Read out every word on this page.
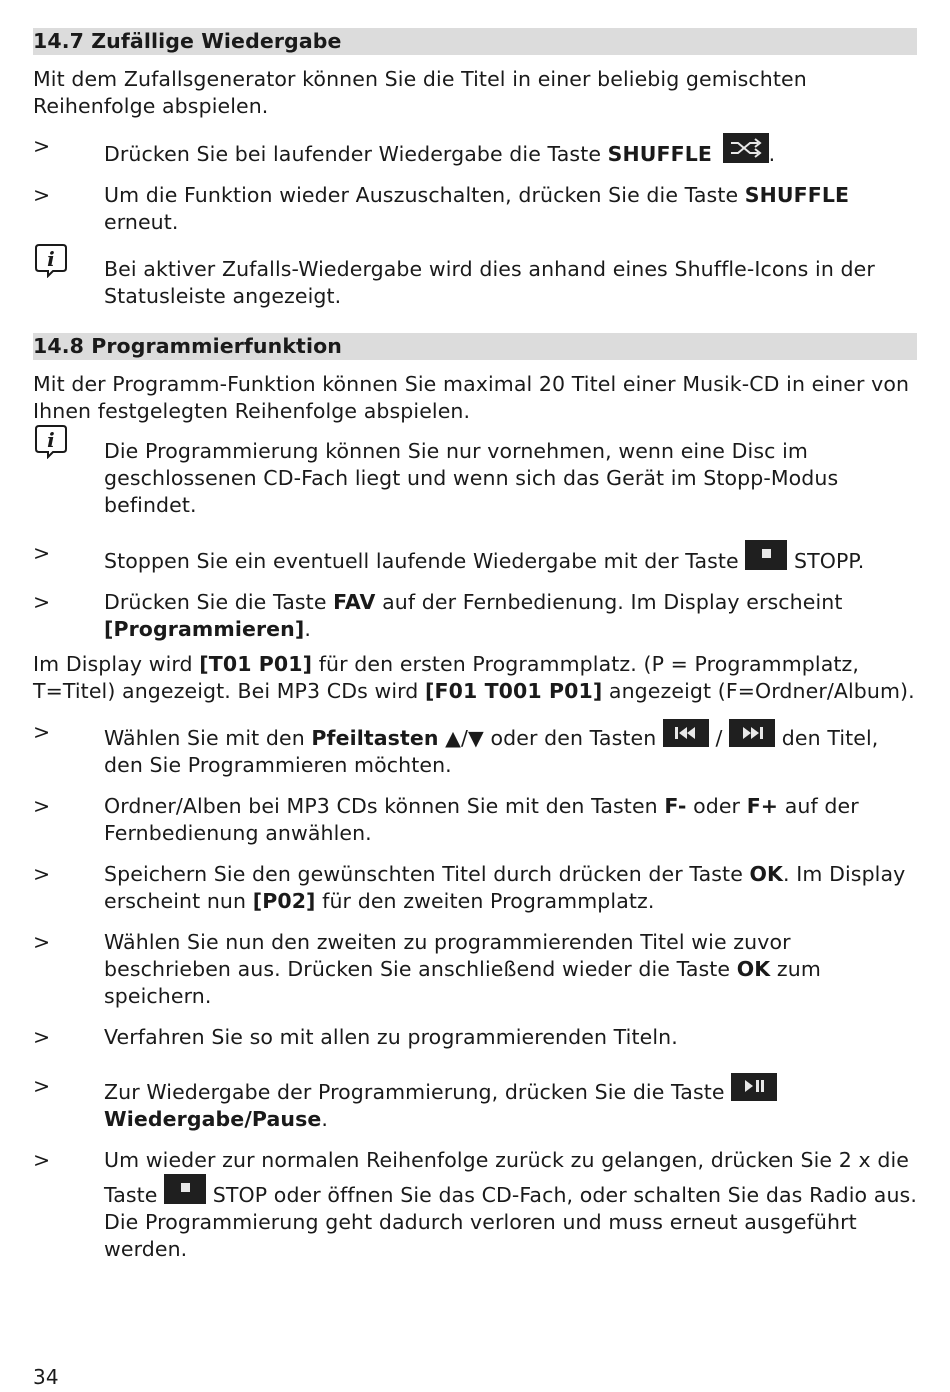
14.7 Zufällige Wiedergabe

Mit dem Zufallsgenerator können Sie die Titel in einer beliebig gemischten Reihenfolge abspielen.

>	Drücken Sie bei laufender Wiedergabe die Taste SHUFFLE	.
>	Um die Funktion wieder Auszuschalten, drücken Sie die Taste SHUFFLE erneut.
i Bei aktiver Zufalls-Wiedergabe wird dies anhand eines Shuffle-Icons in der Statusleiste angezeigt.
14.8 Programmierfunktion

Mit der Programm-Funktion können Sie maximal 20 Titel einer Musik-CD in einer von Ihnen festgelegten Reihenfolge abspielen.

i Die Programmierung können Sie nur vornehmen, wenn eine Disc im geschlossenen CD-Fach liegt und wenn sich das Gerät im Stopp-Modus befindet.
>	Stoppen Sie ein eventuell laufende Wiedergabe mit der Taste
STOPP.
>	Drücken Sie die Taste FAV auf der Fernbedienung. Im Display erscheint [Programmieren].

Im Display wird [T01 P01] für den ersten Programmplatz. (P = Programmplatz, T=Titel) angezeigt. Bei MP3 CDs wird [F01 T001 P01] angezeigt (F=Ordner/Album).

>	Wählen Sie mit den Pfeiltasten ▲/▼ oder den Tasten
/
den Titel, den Sie Programmieren möchten.
>	Ordner/Alben bei MP3 CDs können Sie mit den Tasten F- oder F+ auf der Fernbedienung anwählen.
>	Speichern Sie den gewünschten Titel durch drücken der Taste OK. Im Display erscheint nun [P02] für den zweiten Programmplatz.
>	Wählen Sie nun den zweiten zu programmierenden Titel wie zuvor beschrieben aus. Drücken Sie anschließend wieder die Taste OK zum speichern.
>	Verfahren Sie so mit allen zu programmierenden Titeln.
>	Zur Wiedergabe der Programmierung, drücken Sie die Taste

Wiedergabe/Pause.
>	Um wieder zur normalen Reihenfolge zurück zu gelangen, drücken Sie 2 x die Taste
STOP oder öffnen Sie das CD-Fach, oder schalten Sie das Radio aus. Die Programmierung geht dadurch verloren und muss erneut ausgeführt werden.
34
